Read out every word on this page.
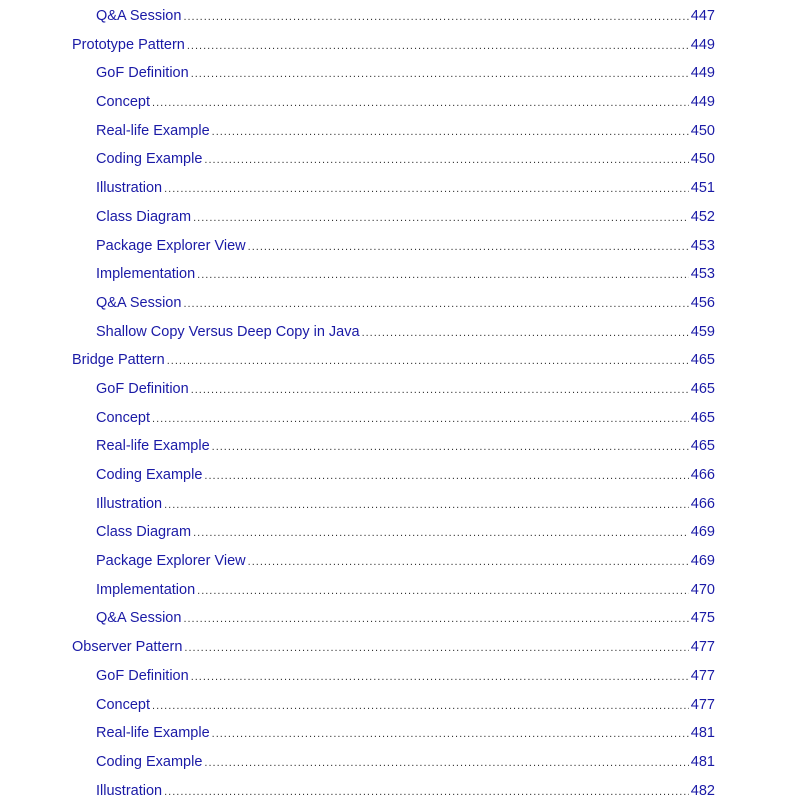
Q&A Session .....	447
Prototype Pattern .....	449
GoF Definition .....	449
Concept .....	449
Real-life Example .....	450
Coding Example .....	450
Illustration .....	451
Class Diagram .....	452
Package Explorer View .....	453
Implementation .....	453
Q&A Session .....	456
Shallow Copy Versus Deep Copy in Java .....	459
Bridge Pattern .....	465
GoF Definition .....	465
Concept .....	465
Real-life Example .....	465
Coding Example .....	466
Illustration .....	466
Class Diagram .....	469
Package Explorer View .....	469
Implementation .....	470
Q&A Session .....	475
Observer Pattern .....	477
GoF Definition .....	477
Concept .....	477
Real-life Example .....	481
Coding Example .....	481
Illustration .....	482
